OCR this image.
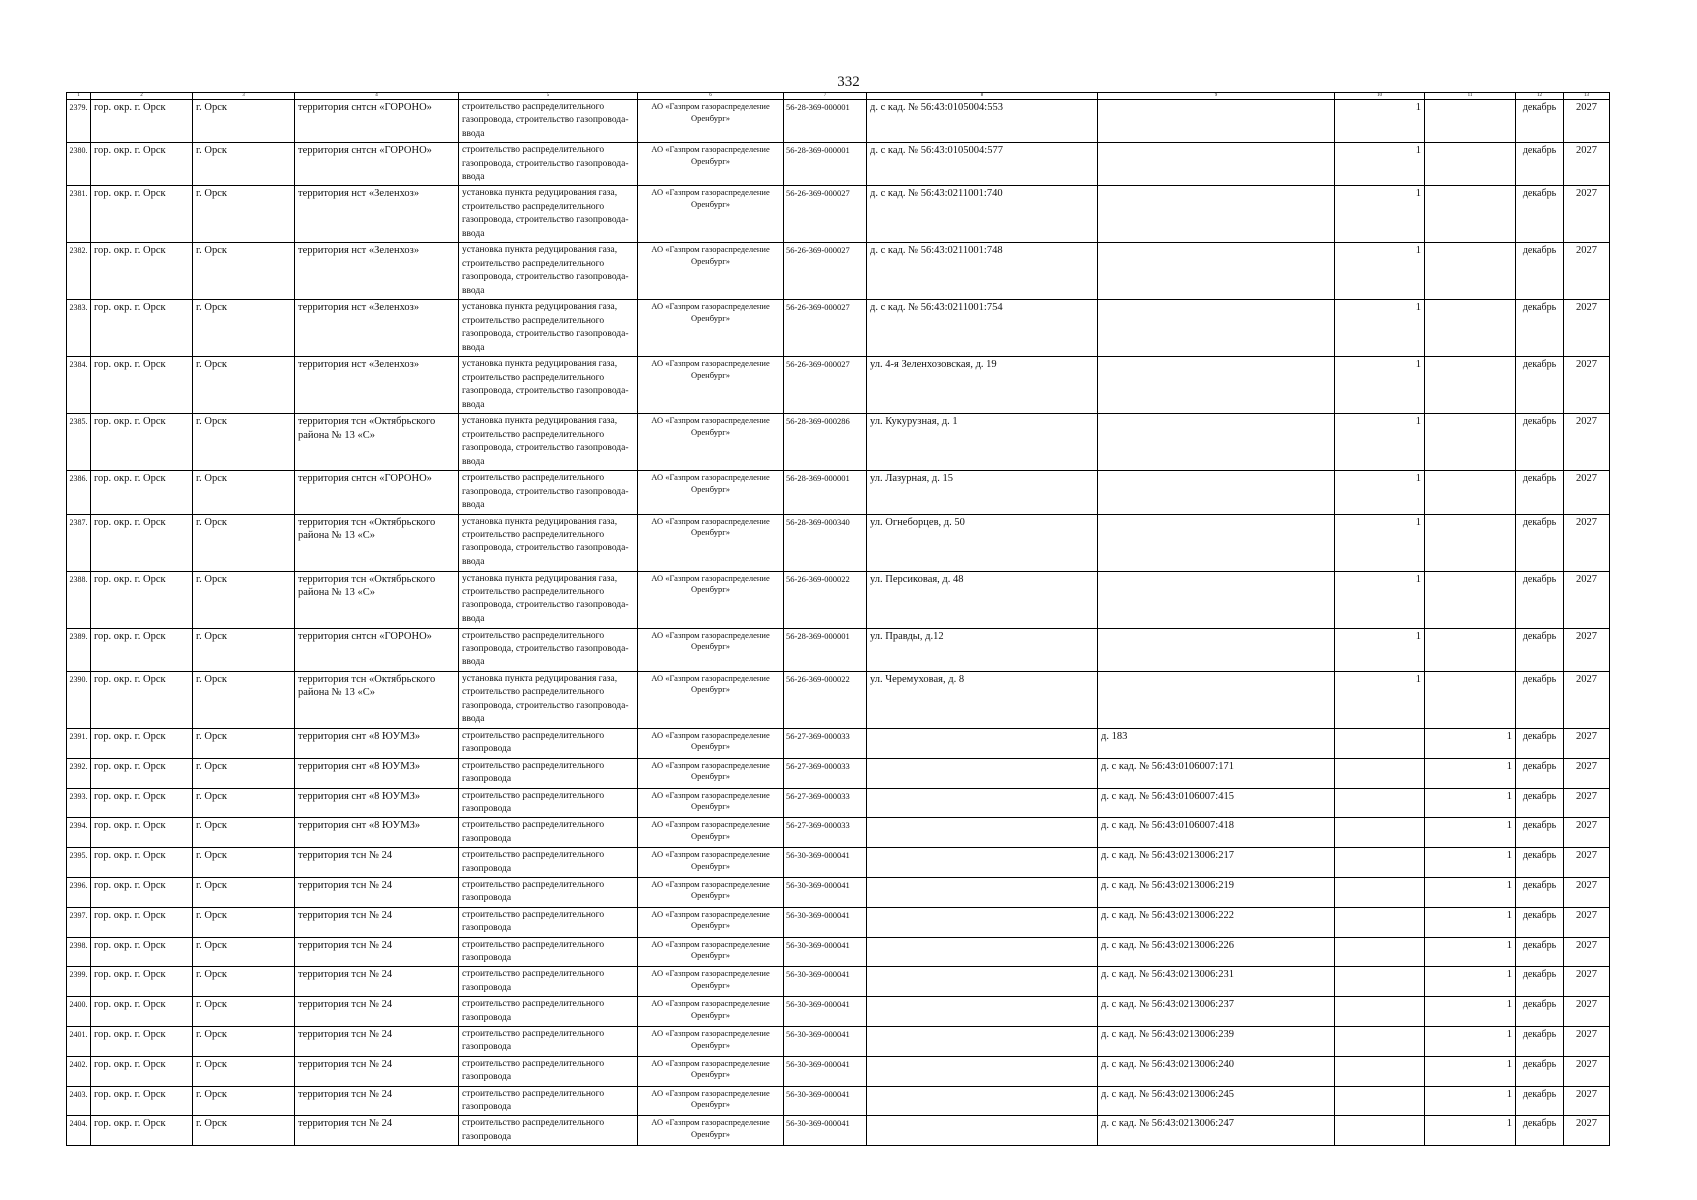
332
1	2	3	4	5	6	7	8	9	10	11	12	13
2379.	гор. окр. г. Орск	г. Орск	территория снтсн «ГОРОНО»	строительство распределительного газопровода, строительство газопровода-ввода	АО «Газпром газораспределение Оренбург»	56-28-369-000001	д. с кад. № 56:43:0105004:553		1		декабрь	2027
2380.	гор. окр. г. Орск	г. Орск	территория снтсн «ГОРОНО»	строительство распределительного газопровода, строительство газопровода-ввода	АО «Газпром газораспределение Оренбург»	56-28-369-000001	д. с кад. № 56:43:0105004:577		1		декабрь	2027
2381.	гор. окр. г. Орск	г. Орск	территория нст «Зеленхоз»	установка пункта редуцирования газа, строительство распределительного газопровода, строительство газопровода-ввода	АО «Газпром газораспределение Оренбург»	56-26-369-000027	д. с кад. № 56:43:0211001:740		1		декабрь	2027
2382.	гор. окр. г. Орск	г. Орск	территория нст «Зеленхоз»	установка пункта редуцирования газа, строительство распределительного газопровода, строительство газопровода-ввода	АО «Газпром газораспределение Оренбург»	56-26-369-000027	д. с кад. № 56:43:0211001:748		1		декабрь	2027
2383.	гор. окр. г. Орск	г. Орск	территория нст «Зеленхоз»	установка пункта редуцирования газа, строительство распределительного газопровода, строительство газопровода-ввода	АО «Газпром газораспределение Оренбург»	56-26-369-000027	д. с кад. № 56:43:0211001:754		1		декабрь	2027
2384.	гор. окр. г. Орск	г. Орск	территория нст «Зеленхоз»	установка пункта редуцирования газа, строительство распределительного газопровода, строительство газопровода-ввода	АО «Газпром газораспределение Оренбург»	56-26-369-000027	ул. 4-я Зеленхозовская, д. 19		1		декабрь	2027
2385.	гор. окр. г. Орск	г. Орск	территория тсн «Октябрьского района № 13 «С»	установка пункта редуцирования газа, строительство распределительного газопровода, строительство газопровода-ввода	АО «Газпром газораспределение Оренбург»	56-28-369-000286	ул. Кукурузная, д. 1		1		декабрь	2027
2386.	гор. окр. г. Орск	г. Орск	территория снтсн «ГОРОНО»	строительство распределительного газопровода, строительство газопровода-ввода	АО «Газпром газораспределение Оренбург»	56-28-369-000001	ул. Лазурная, д. 15		1		декабрь	2027
2387.	гор. окр. г. Орск	г. Орск	территория тсн «Октябрьского района № 13 «С»	установка пункта редуцирования газа, строительство распределительного газопровода, строительство газопровода-ввода	АО «Газпром газораспределение Оренбург»	56-28-369-000340	ул. Огнеборцев, д. 50		1		декабрь	2027
2388.	гор. окр. г. Орск	г. Орск	территория тсн «Октябрьского района № 13 «С»	установка пункта редуцирования газа, строительство распределительного газопровода, строительство газопровода-ввода	АО «Газпром газораспределение Оренбург»	56-26-369-000022	ул. Персиковая, д. 48		1		декабрь	2027
2389.	гор. окр. г. Орск	г. Орск	территория снтсн «ГОРОНО»	строительство распределительного газопровода, строительство газопровода-ввода	АО «Газпром газораспределение Оренбург»	56-28-369-000001	ул. Правды, д.12		1		декабрь	2027
2390.	гор. окр. г. Орск	г. Орск	территория тсн «Октябрьского района № 13 «С»	установка пункта редуцирования газа, строительство распределительного газопровода, строительство газопровода-ввода	АО «Газпром газораспределение Оренбург»	56-26-369-000022	ул. Черемуховая, д. 8		1		декабрь	2027
2391.	гор. окр. г. Орск	г. Орск	территория снт «8 ЮУМЗ»	строительство распределительного газопровода	АО «Газпром газораспределение Оренбург»	56-27-369-000033		д. 183		1	декабрь	2027
2392.	гор. окр. г. Орск	г. Орск	территория снт «8 ЮУМЗ»	строительство распределительного газопровода	АО «Газпром газораспределение Оренбург»	56-27-369-000033		д. с кад. № 56:43:0106007:171		1	декабрь	2027
2393.	гор. окр. г. Орск	г. Орск	территория снт «8 ЮУМЗ»	строительство распределительного газопровода	АО «Газпром газораспределение Оренбург»	56-27-369-000033		д. с кад. № 56:43:0106007:415		1	декабрь	2027
2394.	гор. окр. г. Орск	г. Орск	территория снт «8 ЮУМЗ»	строительство распределительного газопровода	АО «Газпром газораспределение Оренбург»	56-27-369-000033		д. с кад. № 56:43:0106007:418		1	декабрь	2027
2395.	гор. окр. г. Орск	г. Орск	территория тсн № 24	строительство распределительного газопровода	АО «Газпром газораспределение Оренбург»	56-30-369-000041		д. с кад. № 56:43:0213006:217		1	декабрь	2027
2396.	гор. окр. г. Орск	г. Орск	территория тсн № 24	строительство распределительного газопровода	АО «Газпром газораспределение Оренбург»	56-30-369-000041		д. с кад. № 56:43:0213006:219		1	декабрь	2027
2397.	гор. окр. г. Орск	г. Орск	территория тсн № 24	строительство распределительного газопровода	АО «Газпром газораспределение Оренбург»	56-30-369-000041		д. с кад. № 56:43:0213006:222		1	декабрь	2027
2398.	гор. окр. г. Орск	г. Орск	территория тсн № 24	строительство распределительного газопровода	АО «Газпром газораспределение Оренбург»	56-30-369-000041		д. с кад. № 56:43:0213006:226		1	декабрь	2027
2399.	гор. окр. г. Орск	г. Орск	территория тсн № 24	строительство распределительного газопровода	АО «Газпром газораспределение Оренбург»	56-30-369-000041		д. с кад. № 56:43:0213006:231		1	декабрь	2027
2400.	гор. окр. г. Орск	г. Орск	территория тсн № 24	строительство распределительного газопровода	АО «Газпром газораспределение Оренбург»	56-30-369-000041		д. с кад. № 56:43:0213006:237		1	декабрь	2027
2401.	гор. окр. г. Орск	г. Орск	территория тсн № 24	строительство распределительного газопровода	АО «Газпром газораспределение Оренбург»	56-30-369-000041		д. с кад. № 56:43:0213006:239		1	декабрь	2027
2402.	гор. окр. г. Орск	г. Орск	территория тсн № 24	строительство распределительного газопровода	АО «Газпром газораспределение Оренбург»	56-30-369-000041		д. с кад. № 56:43:0213006:240		1	декабрь	2027
2403.	гор. окр. г. Орск	г. Орск	территория тсн № 24	строительство распределительного газопровода	АО «Газпром газораспределение Оренбург»	56-30-369-000041		д. с кад. № 56:43:0213006:245		1	декабрь	2027
2404.	гор. окр. г. Орск	г. Орск	территория тсн № 24	строительство распределительного газопровода	АО «Газпром газораспределение Оренбург»	56-30-369-000041		д. с кад. № 56:43:0213006:247		1	декабрь	2027
